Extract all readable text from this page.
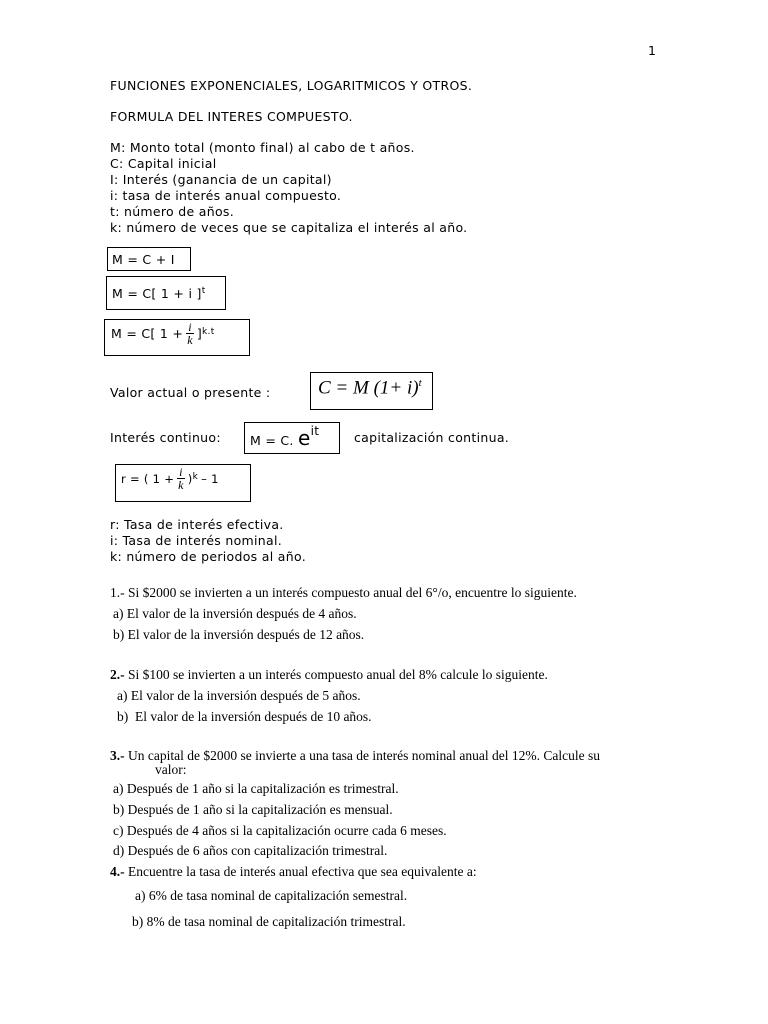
1
FUNCIONES EXPONENCIALES, LOGARITMICOS Y OTROS.
FORMULA DEL INTERES COMPUESTO.
M: Monto total (monto final) al cabo de t años.
C: Capital inicial
I: Interés (ganancia de un capital)
i: tasa de interés anual compuesto.
t: número de años.
k: número de veces que se capitaliza el interés al año.
M = C + I
M = C[ 1 + i ]$^t$
M = C[ $1 + \frac{i}{k}$ ] k.t
Valor actual o presente :	C = M $(1+ i)^t$
Interés continuo: M = C. $e^{it}$	capitalización continua.
r = ( $1 + \frac{i}{k}$ ) k – 1
r: Tasa de interés efectiva.
i: Tasa de interés nominal.
k: número de periodos al año.
1.- Si $2000 se invierten a un interés compuesto anual del 6°/o, encuentre lo siguiente.
a) El valor de la inversión después de 4 años.
b) El valor de la inversión después de 12 años.
2.- Si $100 se invierten a un interés compuesto anual del 8% calcule lo siguiente.
a) El valor de la inversión después de 5 años.
b)  El valor de la inversión después de 10 años.
3.- Un capital de $2000 se invierte a una tasa de interés nominal anual del 12%. Calcule su
valor:
a) Después de 1 año si la capitalización es trimestral.
b) Después de 1 año si la capitalización es mensual.
c) Después de 4 años si la capitalización ocurre cada 6 meses.
d) Después de 6 años con capitalización trimestral.
4.- Encuentre la tasa de interés anual efectiva que sea equivalente a:
a) 6% de tasa nominal de capitalización semestral.
b) 8% de tasa nominal de capitalización trimestral.
